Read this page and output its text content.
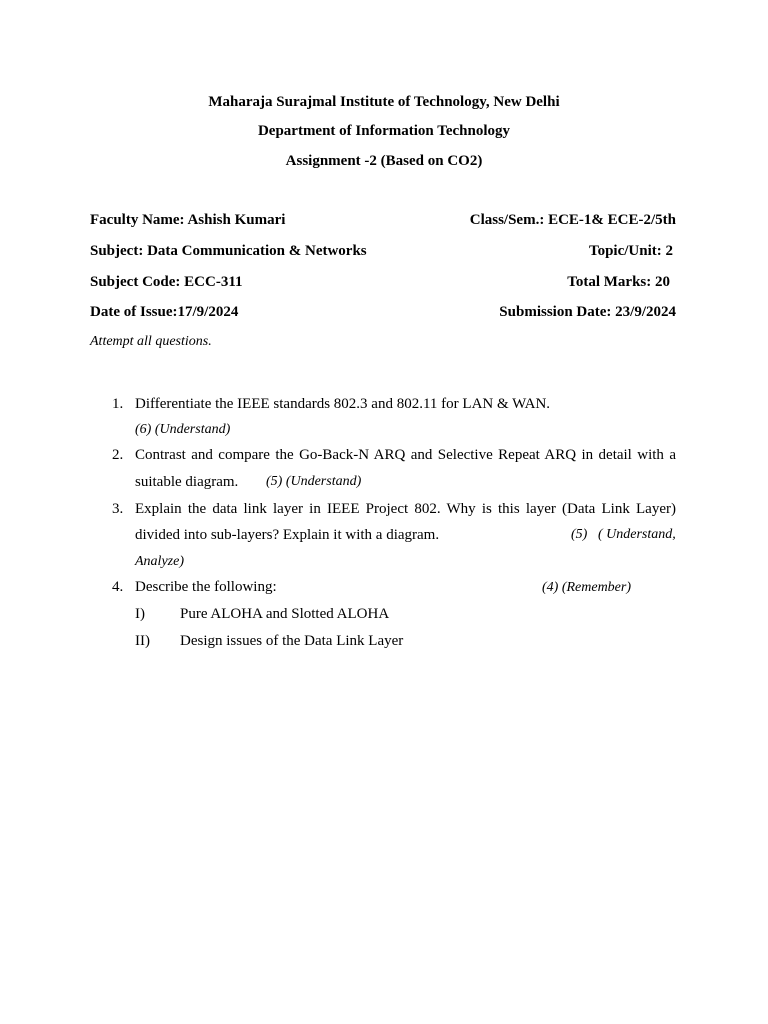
Maharaja Surajmal Institute of Technology, New Delhi
Department of Information Technology
Assignment -2 (Based on CO2)
Faculty Name: Ashish Kumari	Class/Sem.: ECE-1& ECE-2/5th
Subject: Data Communication & Networks	Topic/Unit: 2
Subject Code: ECC-311	Total Marks: 20
Date of Issue:17/9/2024	Submission Date: 23/9/2024
Attempt all questions.
1. Differentiate the IEEE standards 802.3 and 802.11 for LAN & WAN.
(6) (Understand)
2. Contrast and compare the Go-Back-N ARQ and Selective Repeat ARQ in detail with a
suitable diagram. (5) (Understand)
3. Explain the data link layer in IEEE Project 802. Why is this layer (Data Link Layer)
divided into sub-layers? Explain it with a diagram.	(5) ( Understand,
Analyze)
4. Describe the following:	(4) (Remember)
I) Pure ALOHA and Slotted ALOHA
II) Design issues of the Data Link Layer
